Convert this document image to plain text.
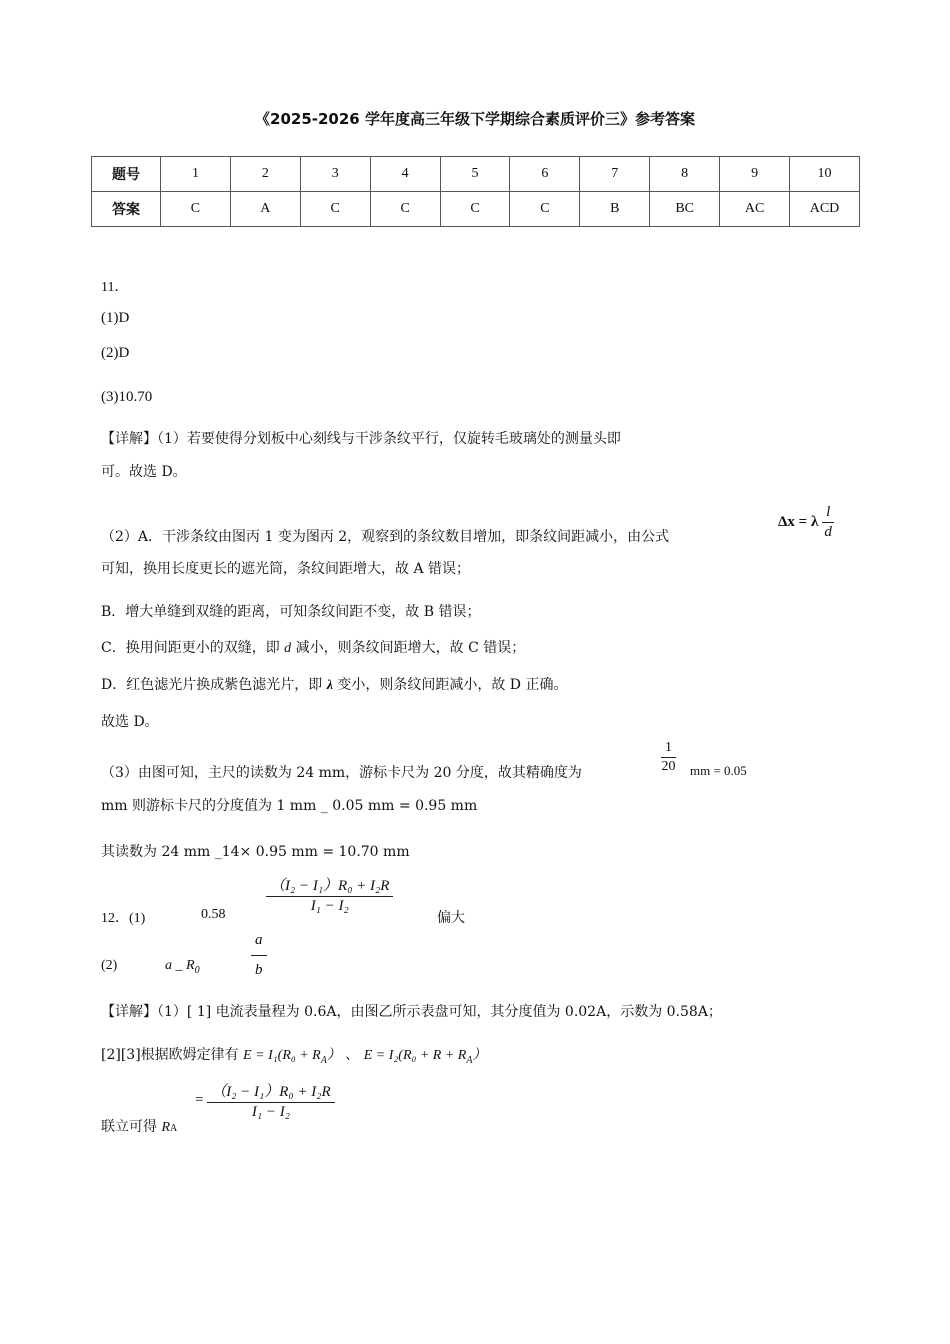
《2025-2026 学年度高三年级下学期综合素质评价三》参考答案
题号	1	2	3	4	5	6	7	8	9	10
答案	C	A	C	C	C	C	B	BC	AC	ACD
11．
(1)D
(2)D
(3)10.70
【详解】（1）若要使得分划板中心刻线与干涉条纹平行，仅旋转毛玻璃处的测量头即
可。故选 D。
（2）A．干涉条纹由图丙 1 变为图丙 2，观察到的条纹数目增加，即条纹间距减小，由公式
Δx = λ $\frac{l}{d}$
可知，换用长度更长的遮光筒，条纹间距增大，故 A 错误；
B．增大单缝到双缝的距离，可知条纹间距不变，故 B 错误；
C．换用间距更小的双缝，即 d 减小，则条纹间距增大，故 C 错误；
D．红色滤光片换成紫色滤光片，即 λ 变小，则条纹间距减小，故 D 正确。
故选 D。
（3）由图可知，主尺的读数为 24 mm，游标卡尺为 20 分度，故其精确度为	$\frac{1}{20}$ mm = 0.05
mm 则游标卡尺的分度值为 1 mm _ 0.05 mm = 0.95 mm
其读数为 24 mm _14× 0.95 mm = 10.70 mm
12．(1)	0.58	$\frac{\text{（I₂ − I₁）R₀ + I₂R}}{\text{I₁ − I₂}}$
偏大
(2)	a _ $R_0$	$\frac{a}{b}$
【详解】（1）[ 1] 电流表量程为 0.6A，由图乙所示表盘可知，其分度值为 0.02A，示数为 0.58A；
[2][3]根据欧姆定律有 $E = I_1(R_0 + R_A)$ 、 $E = I_2(R_0 + R + R_A)$
= $\frac{\text{（I₂ − I₁）R₀ + I₂R}}{\text{I₁ − I₂}}$
联立可得 RA
